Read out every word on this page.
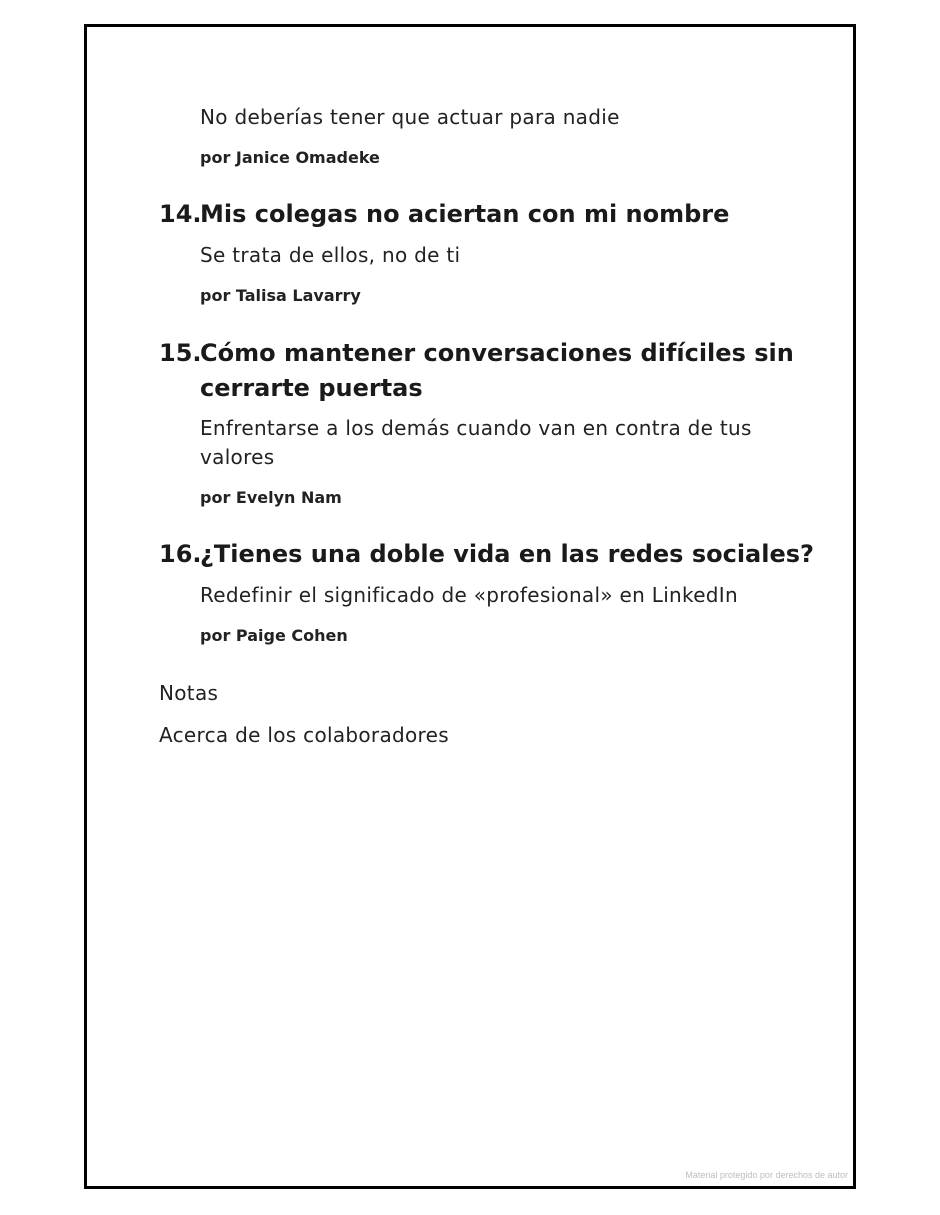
No deberías tener que actuar para nadie
por Janice Omadeke
14.
Mis colegas no aciertan con mi nombre
Se trata de ellos, no de ti
por Talisa Lavarry
15.
Cómo mantener conversaciones difíciles sin
cerrarte puertas
Enfrentarse a los demás cuando van en contra de tus
valores
por Evelyn Nam
16.
¿Tienes una doble vida en las redes sociales?
Redefinir el significado de «profesional» en LinkedIn
por Paige Cohen
Notas
Acerca de los colaboradores
Material protegido por derechos de autor
